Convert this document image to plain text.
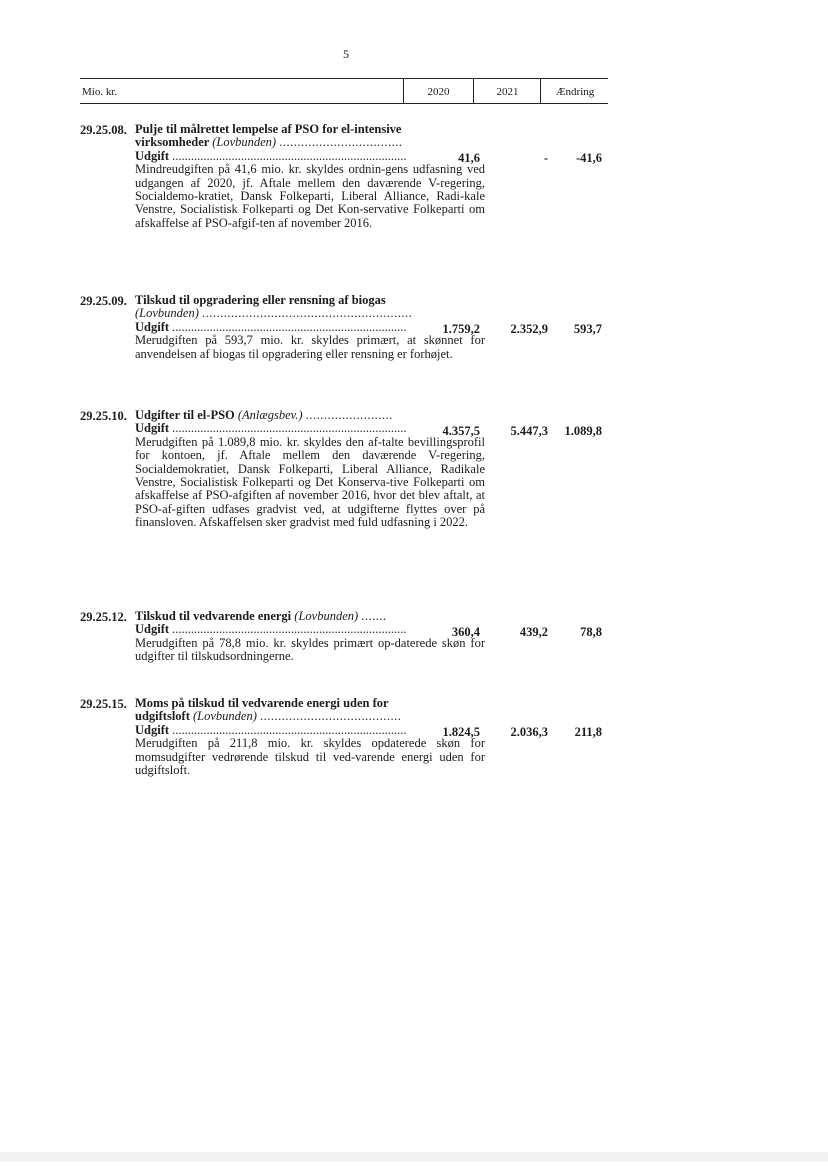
5
Mio. kr.	2020	2021	Ændring
29.25.08. Pulje til målrettet lempelse af PSO for el-intensive
virksomheder (Lovbunden) ..................................
Udgift ...........................................................................
Mindreudgiften på 41,6 mio. kr. skyldes ordnin-gens udfasning ved udgangen af 2020, jf. Aftale mellem den daværende V-regering, Socialdemo-kratiet, Dansk Folkeparti, Liberal Alliance, Radi-kale Venstre, Socialistisk Folkeparti og Det Kon-servative Folkeparti om afskaffelse af PSO-afgif-ten af november 2016.
41,6	-	-41,6
29.25.09. Tilskud til opgradering eller rensning af biogas
(Lovbunden) ..........................................................
Udgift ...........................................................................
Merudgiften på 593,7 mio. kr. skyldes primært, at skønnet for anvendelsen af biogas til opgradering eller rensning er forhøjet.
1.759,2	2.352,9	593,7
29.25.10. Udgifter til el-PSO (Anlægsbev.) ........................
Udgift ...........................................................................
Merudgiften på 1.089,8 mio. kr. skyldes den af-talte bevillingsprofil for kontoen, jf. Aftale mellem den daværende V-regering, Socialdemokratiet, Dansk Folkeparti, Liberal Alliance, Radikale Venstre, Socialistisk Folkeparti og Det Konserva-tive Folkeparti om afskaffelse af PSO-afgiften af november 2016, hvor det blev aftalt, at PSO-af-giften udfases gradvist ved, at udgifterne flyttes over på finansloven. Afskaffelsen sker gradvist med fuld udfasning i 2022.
4.357,5	5.447,3	1.089,8
29.25.12. Tilskud til vedvarende energi (Lovbunden) .......
Udgift ...........................................................................
Merudgiften på 78,8 mio. kr. skyldes primært op-daterede skøn for udgifter til tilskudsordningerne.
360,4	439,2	78,8
29.25.15. Moms på tilskud til vedvarende energi uden for
udgiftsloft (Lovbunden) .......................................
Udgift ...........................................................................
Merudgiften på 211,8 mio. kr. skyldes opdaterede skøn for momsudgifter vedrørende tilskud til ved-varende energi uden for udgiftsloft.
1.824,5	2.036,3	211,8
